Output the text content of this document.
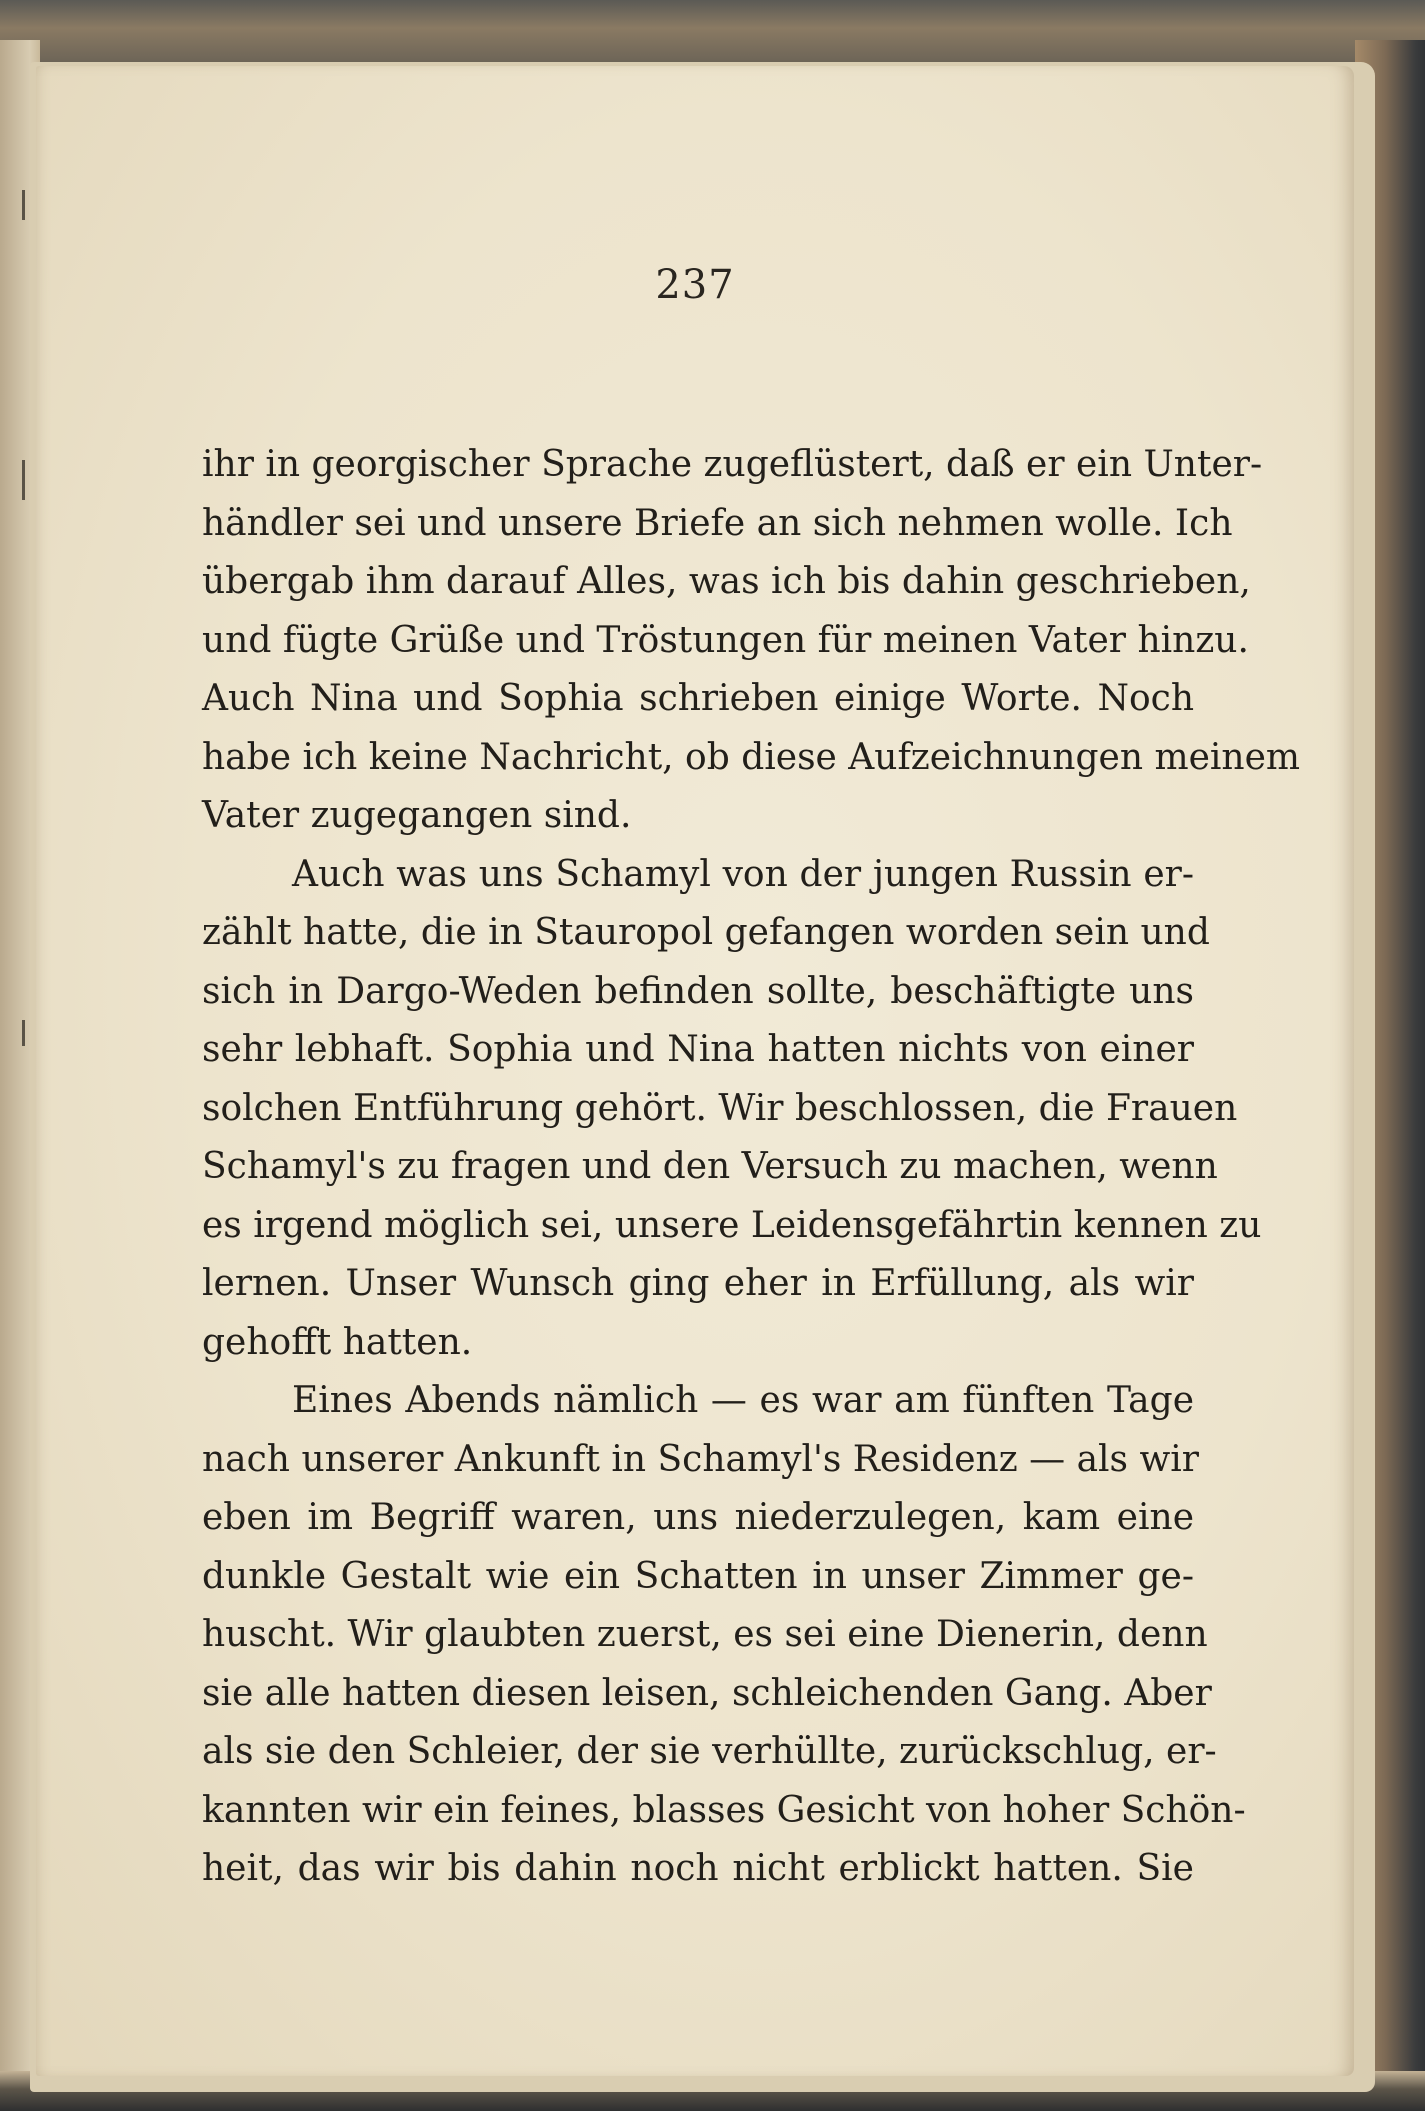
237
ihr in georgischer Sprache zugeflüstert, daß er ein Unter-
händler sei und unsere Briefe an sich nehmen wolle. Ich
übergab ihm darauf Alles, was ich bis dahin geschrieben,
und fügte Grüße und Tröstungen für meinen Vater hinzu.
Auch Nina und Sophia schrieben einige Worte. Noch
habe ich keine Nachricht, ob diese Aufzeichnungen meinem
Vater zugegangen sind.
Auch was uns Schamyl von der jungen Russin er-
zählt hatte, die in Stauropol gefangen worden sein und
sich in Dargo-Weden befinden sollte, beschäftigte uns
sehr lebhaft. Sophia und Nina hatten nichts von einer
solchen Entführung gehört. Wir beschlossen, die Frauen
Schamyl's zu fragen und den Versuch zu machen, wenn
es irgend möglich sei, unsere Leidensgefährtin kennen zu
lernen. Unser Wunsch ging eher in Erfüllung, als wir
gehofft hatten.
Eines Abends nämlich — es war am fünften Tage
nach unserer Ankunft in Schamyl's Residenz — als wir
eben im Begriff waren, uns niederzulegen, kam eine
dunkle Gestalt wie ein Schatten in unser Zimmer ge-
huscht. Wir glaubten zuerst, es sei eine Dienerin, denn
sie alle hatten diesen leisen, schleichenden Gang. Aber
als sie den Schleier, der sie verhüllte, zurückschlug, er-
kannten wir ein feines, blasses Gesicht von hoher Schön-
heit, das wir bis dahin noch nicht erblickt hatten. Sie
